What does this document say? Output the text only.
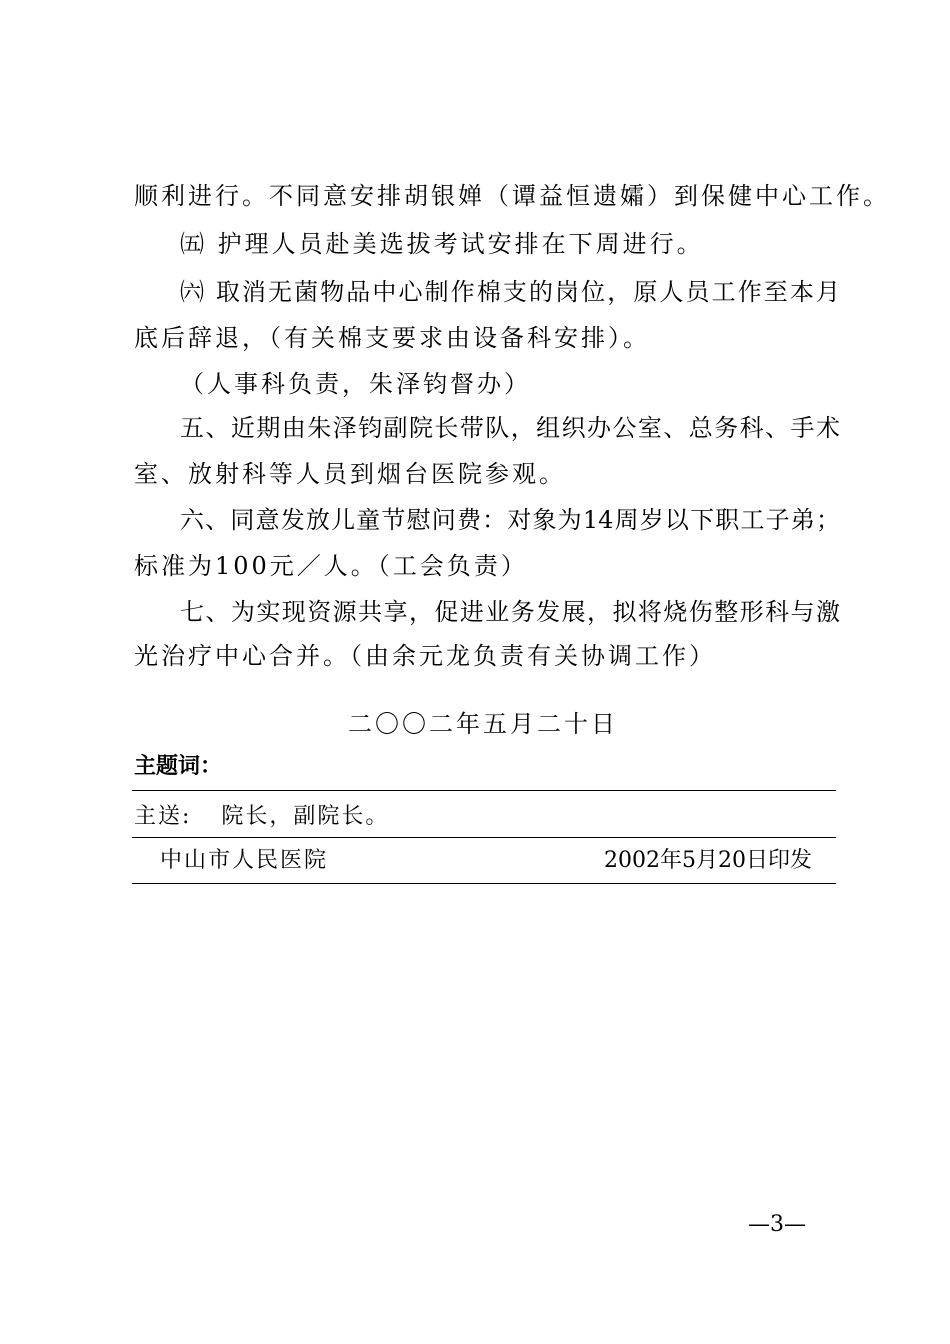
顺利进行。不同意安排胡银婵（谭益恒遗孀）到保健中心工作。
㈤ 护理人员赴美选拔考试安排在下周进行。
㈥ 取消无菌物品中心制作棉支的岗位，原人员工作至本月
底后辞退，（有关棉支要求由设备科安排）。
（人事科负责，朱泽钧督办）
五、近期由朱泽钧副院长带队，组织办公室、总务科、手术
室、放射科等人员到烟台医院参观。
六、同意发放儿童节慰问费：对象为14周岁以下职工子弟；
标准为100元／人。（工会负责）
七、为实现资源共享，促进业务发展，拟将烧伤整形科与激
光治疗中心合并。（由余元龙负责有关协调工作）
二〇〇二年五月二十日
主题词：
主送: 院长，副院长。
中山市人民医院	2002年5月20日印发
—3—
